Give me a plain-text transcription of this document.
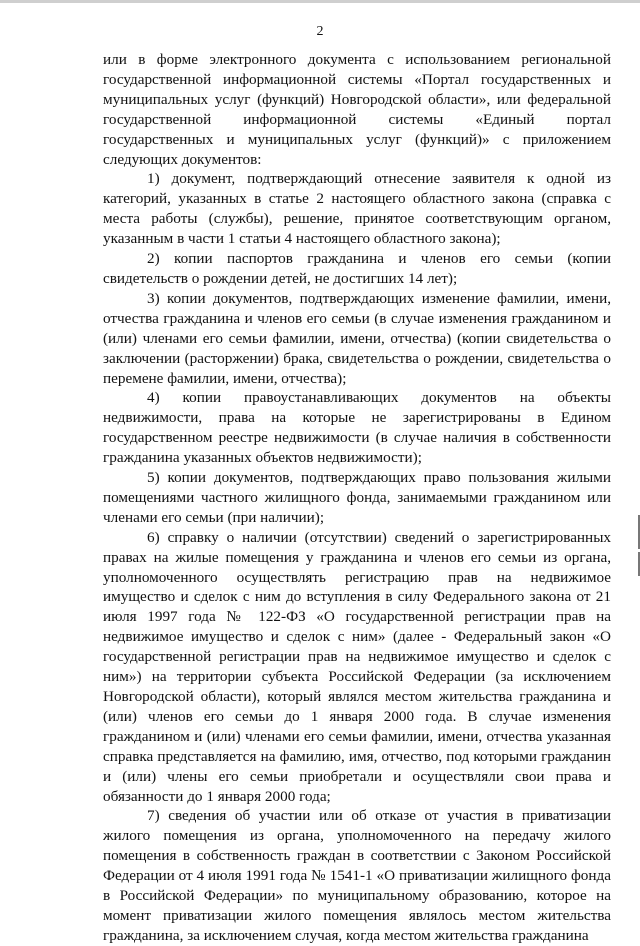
2

или в форме электронного документа с использованием региональной государственной информационной системы «Портал государственных и муниципальных услуг (функций) Новгородской области», или федеральной государственной информационной системы «Единый портал государственных и муниципальных услуг (функций)» с приложением следующих документов:

1) документ, подтверждающий отнесение заявителя к одной из категорий, указанных в статье 2 настоящего областного закона (справка с места работы (службы), решение, принятое соответствующим органом, указанным в части 1 статьи 4 настоящего областного закона);

2) копии паспортов гражданина и членов его семьи (копии свидетельств о рождении детей, не достигших 14 лет);

3) копии документов, подтверждающих изменение фамилии, имени, отчества гражданина и членов его семьи (в случае изменения гражданином и (или) членами его семьи фамилии, имени, отчества) (копии свидетельства о заключении (расторжении) брака, свидетельства о рождении, свидетельства о перемене фамилии, имени, отчества);

4) копии правоустанавливающих документов на объекты недвижимости, права на которые не зарегистрированы в Едином государственном реестре недвижимости (в случае наличия в собственности гражданина указанных объектов недвижимости);

5) копии документов, подтверждающих право пользования жилыми помещениями частного жилищного фонда, занимаемыми гражданином или членами его семьи (при наличии);

6) справку о наличии (отсутствии) сведений о зарегистрированных правах на жилые помещения у гражданина и членов его семьи из органа, уполномоченного осуществлять регистрацию прав на недвижимое имущество и сделок с ним до вступления в силу Федерального закона от 21 июля 1997 года № 122-ФЗ «О государственной регистрации прав на недвижимое имущество и сделок с ним» (далее - Федеральный закон «О государственной регистрации прав на недвижимое имущество и сделок с ним») на территории субъекта Российской Федерации (за исключением Новгородской области), который являлся местом жительства гражданина и (или) членов его семьи до 1 января 2000 года. В случае изменения гражданином и (или) членами его семьи фамилии, имени, отчества указанная справка представляется на фамилию, имя, отчество, под которыми гражданин и (или) члены его семьи приобретали и осуществляли свои права и обязанности до 1 января 2000 года;

7) сведения об участии или об отказе от участия в приватизации жилого помещения из органа, уполномоченного на передачу жилого помещения в собственность граждан в соответствии с Законом Российской Федерации от 4 июля 1991 года № 1541-1 «О приватизации жилищного фонда в Российской Федерации» по муниципальному образованию, которое на момент приватизации жилого помещения являлось местом жительства гражданина, за исключением случая, когда местом жительства гражданина
